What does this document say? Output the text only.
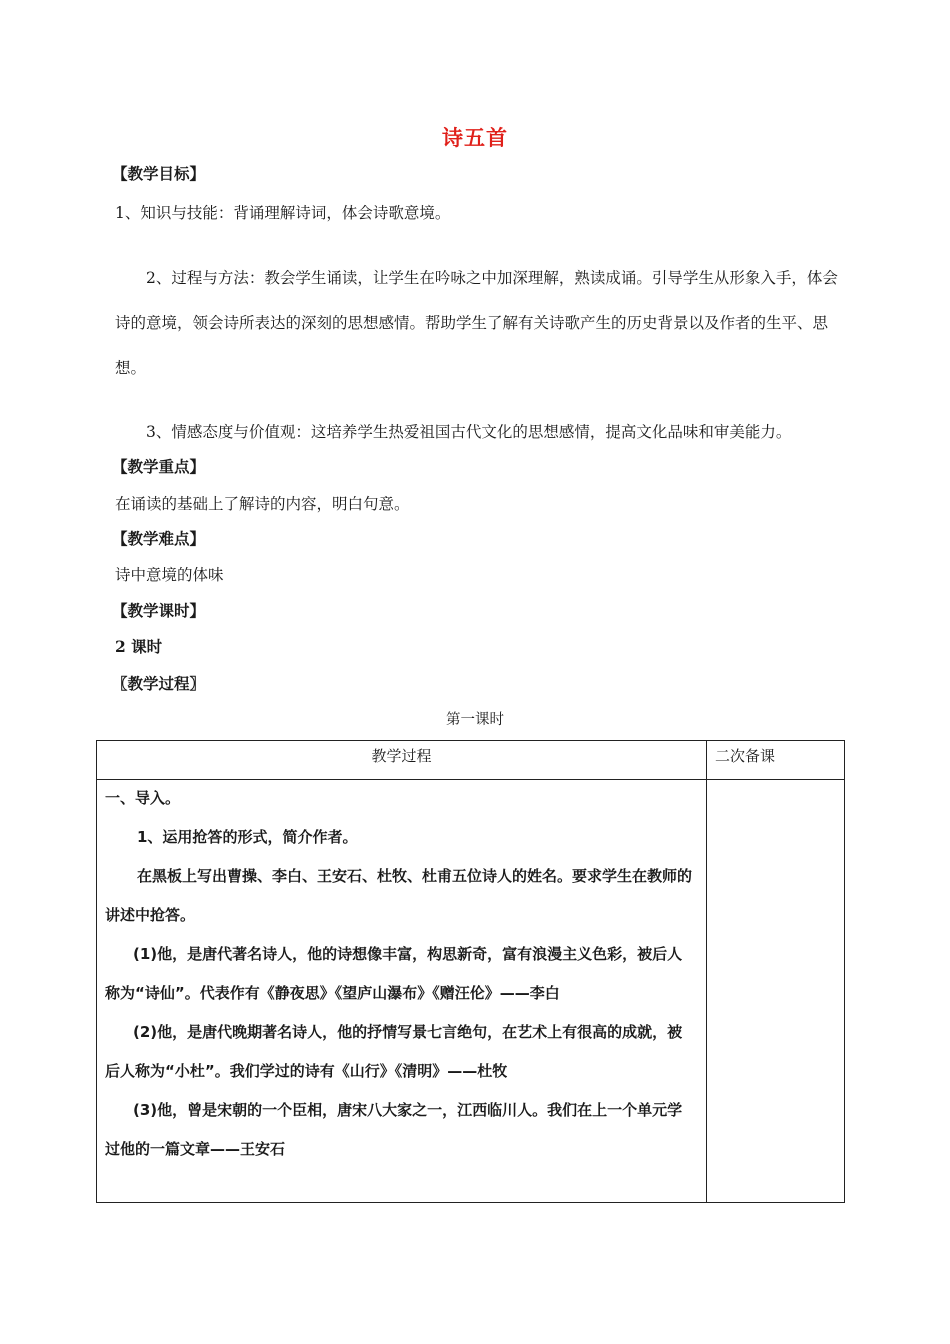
诗五首
【教学目标】
1、知识与技能：背诵理解诗词，体会诗歌意境。
2、过程与方法：教会学生诵读，让学生在吟咏之中加深理解，熟读成诵。引导学生从形象入手，体会诗的意境，领会诗所表达的深刻的思想感情。帮助学生了解有关诗歌产生的历史背景以及作者的生平、思想。
3、情感态度与价值观：这培养学生热爱祖国古代文化的思想感情，提高文化品味和审美能力。
【教学重点】
在诵读的基础上了解诗的内容，明白句意。
【教学难点】
诗中意境的体味
【教学课时】
2 课时
〖教学过程〗
第一课时
教学过程	二次备课

一、导入。

1、运用抢答的形式，简介作者。

在黑板上写出曹操、李白、王安石、杜牧、杜甫五位诗人的姓名。要求学生在教师的讲述中抢答。

(1)他，是唐代著名诗人，他的诗想像丰富，构思新奇，富有浪漫主义色彩，被后人称为“诗仙”。代表作有《静夜思》《望庐山瀑布》《赠汪伦》——李白

(2)他，是唐代晚期著名诗人，他的抒情写景七言绝句，在艺术上有很高的成就，被后人称为“小杜”。我们学过的诗有《山行》《清明》——杜牧

(3)他，曾是宋朝的一个臣相，唐宋八大家之一，江西临川人。我们在上一个单元学过他的一篇文章——王安石
